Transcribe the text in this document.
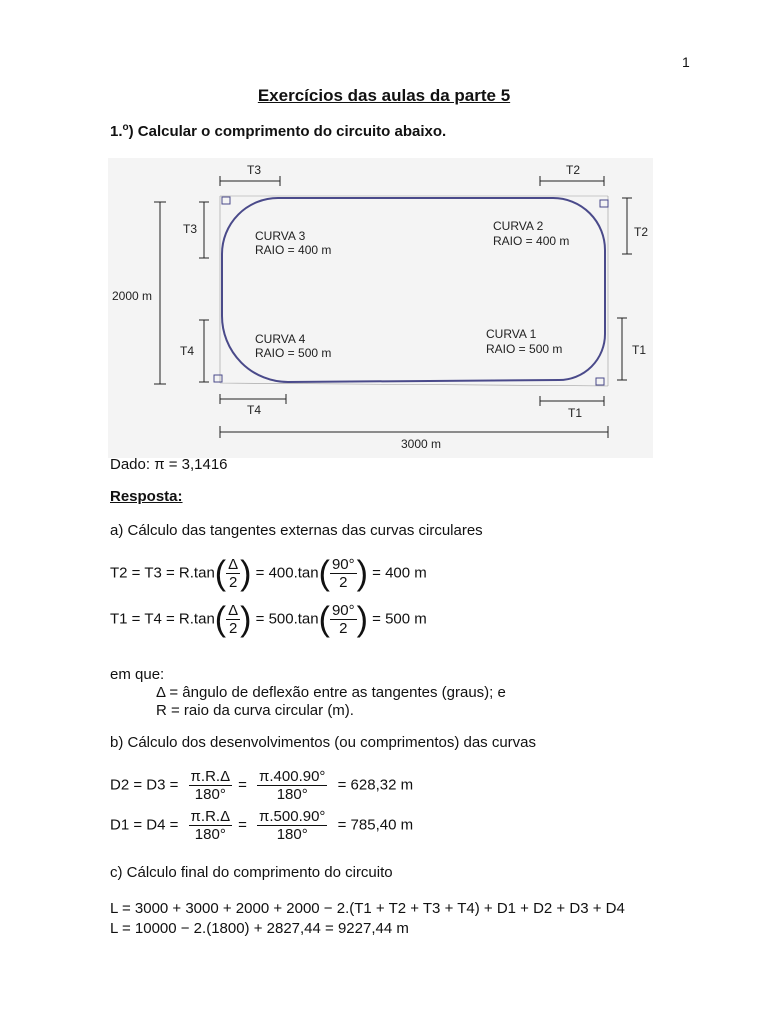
1
Exercícios das aulas da parte 5
1.$^o$) Calcular o comprimento do circuito abaixo.
T3	T2
T3	T2
T4	T1
T4	T1
2000 m
3000 m
CURVA 3
RAIO = 400 m
CURVA 2
RAIO = 400 m
CURVA 4
RAIO = 500 m
CURVA 1
RAIO = 500 m
Dado: π = 3,1416
Resposta:
a) Cálculo das tangentes externas das curvas circulares
$T2 = T3 = R.\tan( \frac{\Delta}{2}$ ) = $400.\tan( \frac{90^\circ}{2}$ ) = 400 m
$T1 = T4 = R.\tan( \frac{\Delta}{2}$ ) = $500.\tan( \frac{90^\circ}{2}$ ) = 500 m
em que:
Δ = ângulo de deflexão entre as tangentes (graus); e
R = raio da curva circular (m).
b) Cálculo dos desenvolvimentos (ou comprimentos) das curvas
$D2 = D3 = \frac{\pi.R.\Delta}{180^\circ} = \frac{\pi.400.90^\circ}{180^\circ} = 628,32$ m
$D1 = D4 = \frac{\pi.R.\Delta}{180^\circ} = \frac{\pi.500.90^\circ}{180^\circ} = 785,40$ m
c) Cálculo final do comprimento do circuito
L = 3000 + 3000 + 2000 + 2000 − 2.(T1 + T2 + T3 + T4) + D1 + D2 + D3 + D4
L = 10000 − 2.(1800) + 2827,44 = 9227,44 m
